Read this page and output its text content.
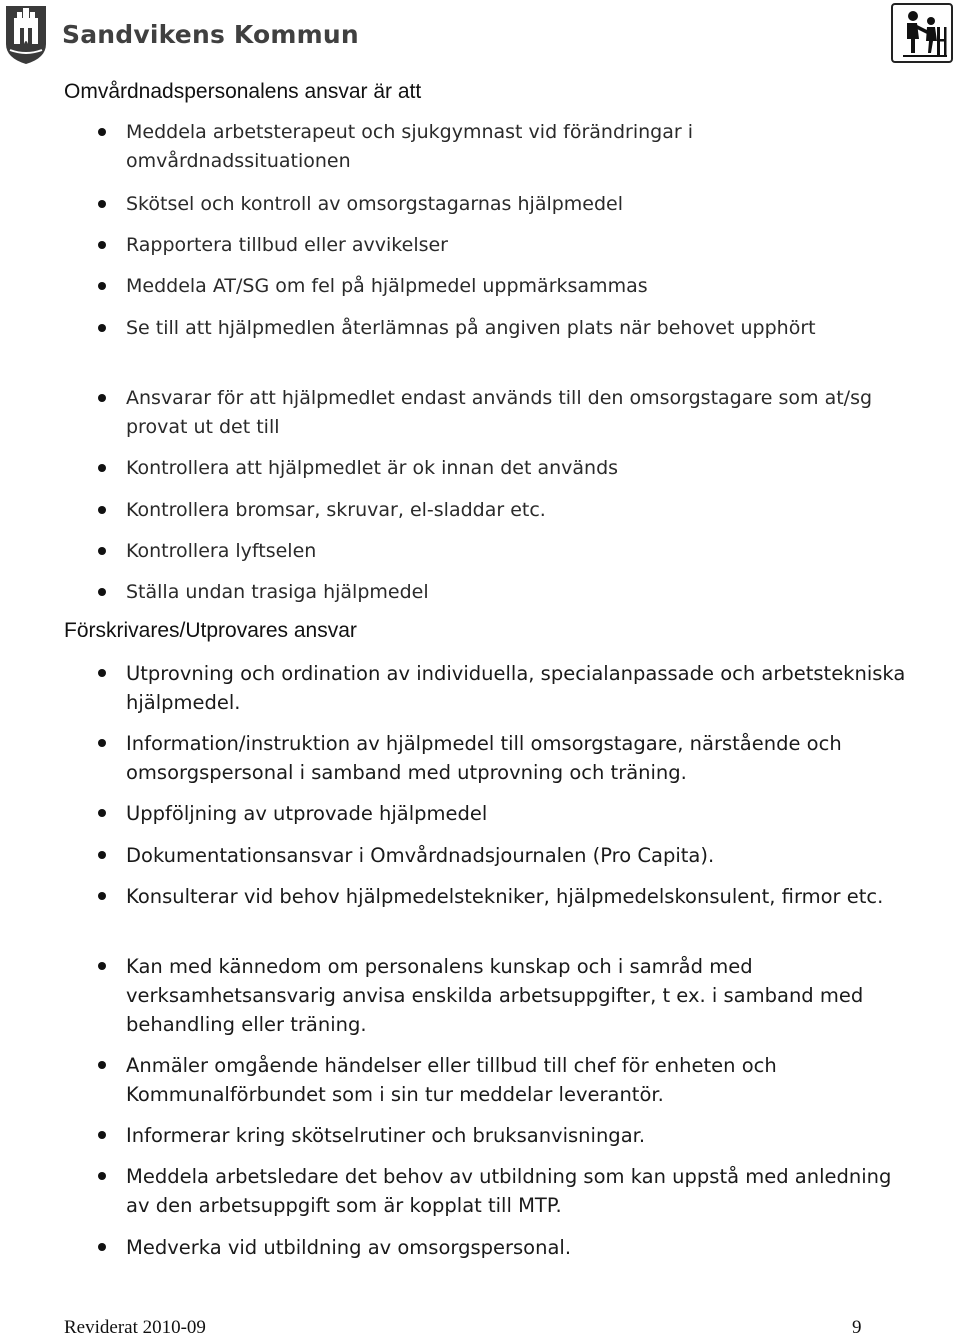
Sandvikens Kommun
Omvårdnadspersonalens ansvar är att
Meddela arbetsterapeut och sjukgymnast vid förändringar i omvårdnadssituationen
Skötsel och kontroll av omsorgstagarnas hjälpmedel
Rapportera tillbud eller avvikelser
Meddela AT/SG om fel på hjälpmedel uppmärksammas
Se till att hjälpmedlen återlämnas på angiven plats när behovet upphört
Ansvarar för att hjälpmedlet endast används till den omsorgstagare som at/sg provat ut det till
Kontrollera att hjälpmedlet är ok innan det används
Kontrollera bromsar, skruvar, el-sladdar etc.
Kontrollera lyftselen
Ställa undan trasiga hjälpmedel
Förskrivares/Utprovares ansvar
Utprovning och ordination av individuella, specialanpassade och arbetstekniska hjälpmedel.
Information/instruktion av hjälpmedel till omsorgstagare, närstående och omsorgspersonal i samband med utprovning och träning.
Uppföljning av utprovade hjälpmedel
Dokumentationsansvar i Omvårdnadsjournalen (Pro Capita).
Konsulterar vid behov hjälpmedelstekniker, hjälpmedelskonsulent, firmor etc.
Kan med kännedom om personalens kunskap och i samråd med verksamhetsansvarig anvisa enskilda arbetsuppgifter, t ex. i samband med behandling eller träning.
Anmäler omgående händelser eller tillbud till chef för enheten och Kommunalförbundet som i sin tur meddelar leverantör.
Informerar kring skötselrutiner och bruksanvisningar.
Meddela arbetsledare det behov av utbildning som kan uppstå med anledning av den arbetsuppgift som är kopplat till MTP.
Medverka vid utbildning av omsorgspersonal.
Reviderat 2010-09	9
